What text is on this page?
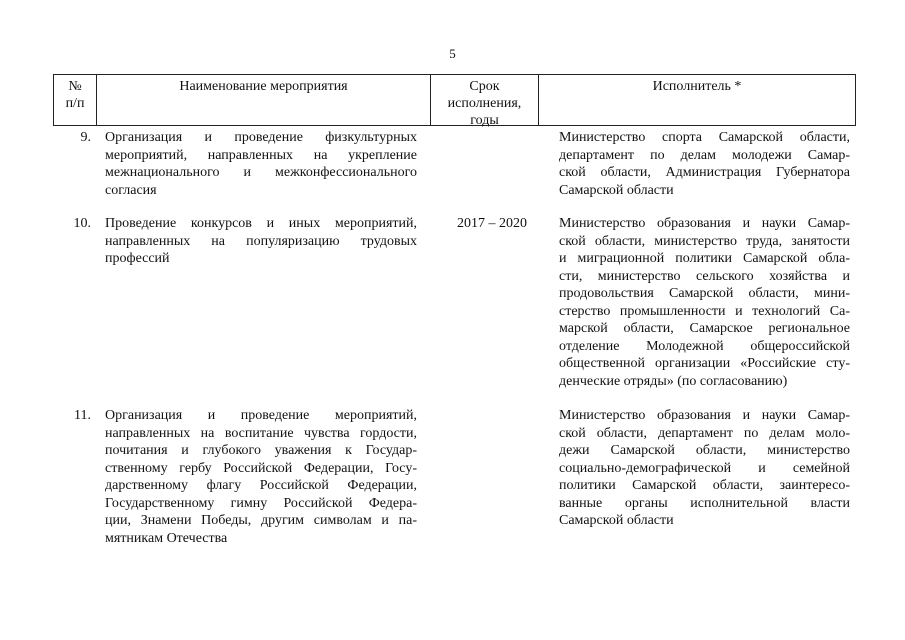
5
№
п/п
Наименование мероприятия	Срок
исполнения,
годы
Исполнитель *
9. Организация и проведение физкультурных
мероприятий, направленных на укрепление
межнационального и межконфессионального
согласия
Министерство спорта Самарской области,
департамент по делам молодежи Самар-
ской области, Администрация Губернатора
Самарской области
10. Проведение конкурсов и иных мероприятий,
направленных на популяризацию трудовых
профессий
2017 – 2020	Министерство образования и науки Самар-
ской области, министерство труда, занятости
и миграционной политики Самарской обла-
сти, министерство сельского хозяйства и
продовольствия Самарской области, мини-
стерство промышленности и технологий Са-
марской области, Самарское региональное
отделение Молодежной общероссийской
общественной организации «Российские сту-
денческие отряды» (по согласованию)
11. Организация и проведение мероприятий,
направленных на воспитание чувства гордости,
почитания и глубокого уважения к Государ-
ственному гербу Российской Федерации, Госу-
дарственному флагу Российской Федерации,
Государственному гимну Российской Федера-
ции, Знамени Победы, другим символам и па-
мятникам Отечества
Министерство образования и науки Самар-
ской области, департамент по делам моло-
дежи Самарской области, министерство
социально-демографической и семейной
политики Самарской области, заинтересо-
ванные органы исполнительной власти
Самарской области
